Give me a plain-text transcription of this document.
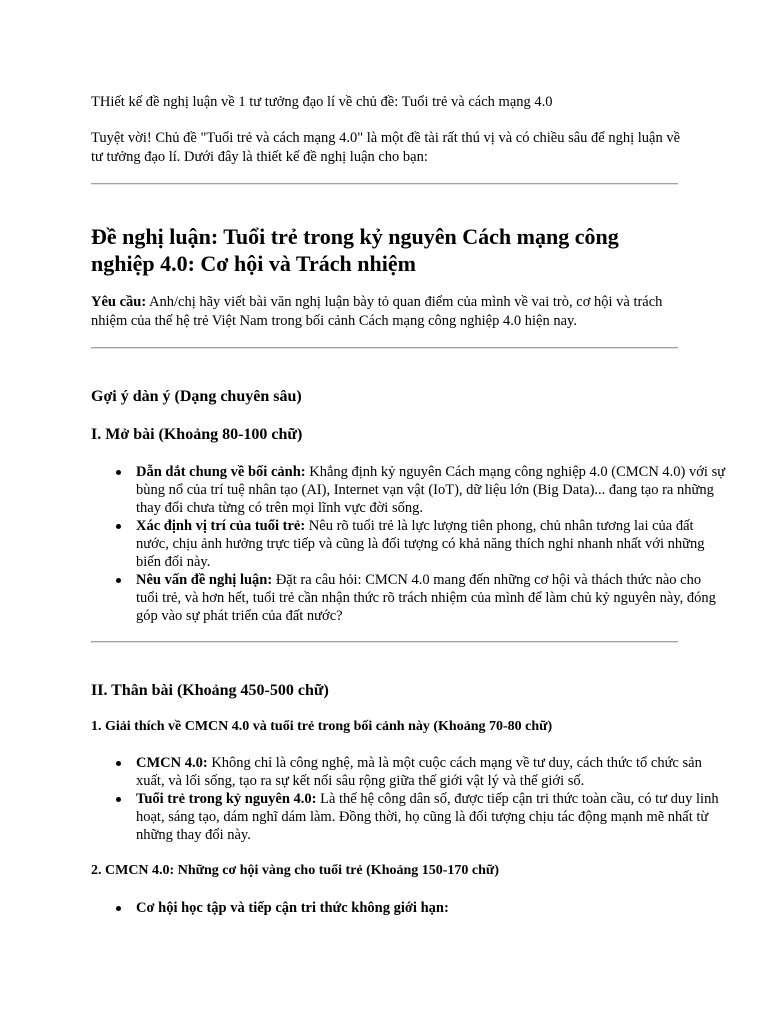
THiết kế đề nghị luận về 1 tư tưởng đạo lí về chủ đề: Tuổi trẻ và cách mạng 4.0

Tuyệt vời! Chủ đề "Tuổi trẻ và cách mạng 4.0" là một đề tài rất thú vị và có chiều sâu để nghị luận về tư tưởng đạo lí. Dưới đây là thiết kế đề nghị luận cho bạn:

Đề nghị luận: Tuổi trẻ trong kỷ nguyên Cách mạng công nghiệp 4.0: Cơ hội và Trách nhiệm

Yêu cầu: Anh/chị hãy viết bài văn nghị luận bày tỏ quan điểm của mình về vai trò, cơ hội và trách nhiệm của thế hệ trẻ Việt Nam trong bối cảnh Cách mạng công nghiệp 4.0 hiện nay.

Gợi ý dàn ý (Dạng chuyên sâu)
I. Mở bài (Khoảng 80-100 chữ)
Dẫn dắt chung về bối cảnh: Khẳng định kỷ nguyên Cách mạng công nghiệp 4.0 (CMCN 4.0) với sự bùng nổ của trí tuệ nhân tạo (AI), Internet vạn vật (IoT), dữ liệu lớn (Big Data)... đang tạo ra những thay đổi chưa từng có trên mọi lĩnh vực đời sống.
Xác định vị trí của tuổi trẻ: Nêu rõ tuổi trẻ là lực lượng tiên phong, chủ nhân tương lai của đất nước, chịu ảnh hưởng trực tiếp và cũng là đối tượng có khả năng thích nghi nhanh nhất với những biến đổi này.
Nêu vấn đề nghị luận: Đặt ra câu hỏi: CMCN 4.0 mang đến những cơ hội và thách thức nào cho tuổi trẻ, và hơn hết, tuổi trẻ cần nhận thức rõ trách nhiệm của mình để làm chủ kỷ nguyên này, đóng góp vào sự phát triển của đất nước?
II. Thân bài (Khoảng 450-500 chữ)
1. Giải thích về CMCN 4.0 và tuổi trẻ trong bối cảnh này (Khoảng 70-80 chữ)
CMCN 4.0: Không chỉ là công nghệ, mà là một cuộc cách mạng về tư duy, cách thức tổ chức sản xuất, và lối sống, tạo ra sự kết nối sâu rộng giữa thế giới vật lý và thế giới số.
Tuổi trẻ trong kỷ nguyên 4.0: Là thế hệ công dân số, được tiếp cận tri thức toàn cầu, có tư duy linh hoạt, sáng tạo, dám nghĩ dám làm. Đồng thời, họ cũng là đối tượng chịu tác động mạnh mẽ nhất từ những thay đổi này.
2. CMCN 4.0: Những cơ hội vàng cho tuổi trẻ (Khoảng 150-170 chữ)
Cơ hội học tập và tiếp cận tri thức không giới hạn:
